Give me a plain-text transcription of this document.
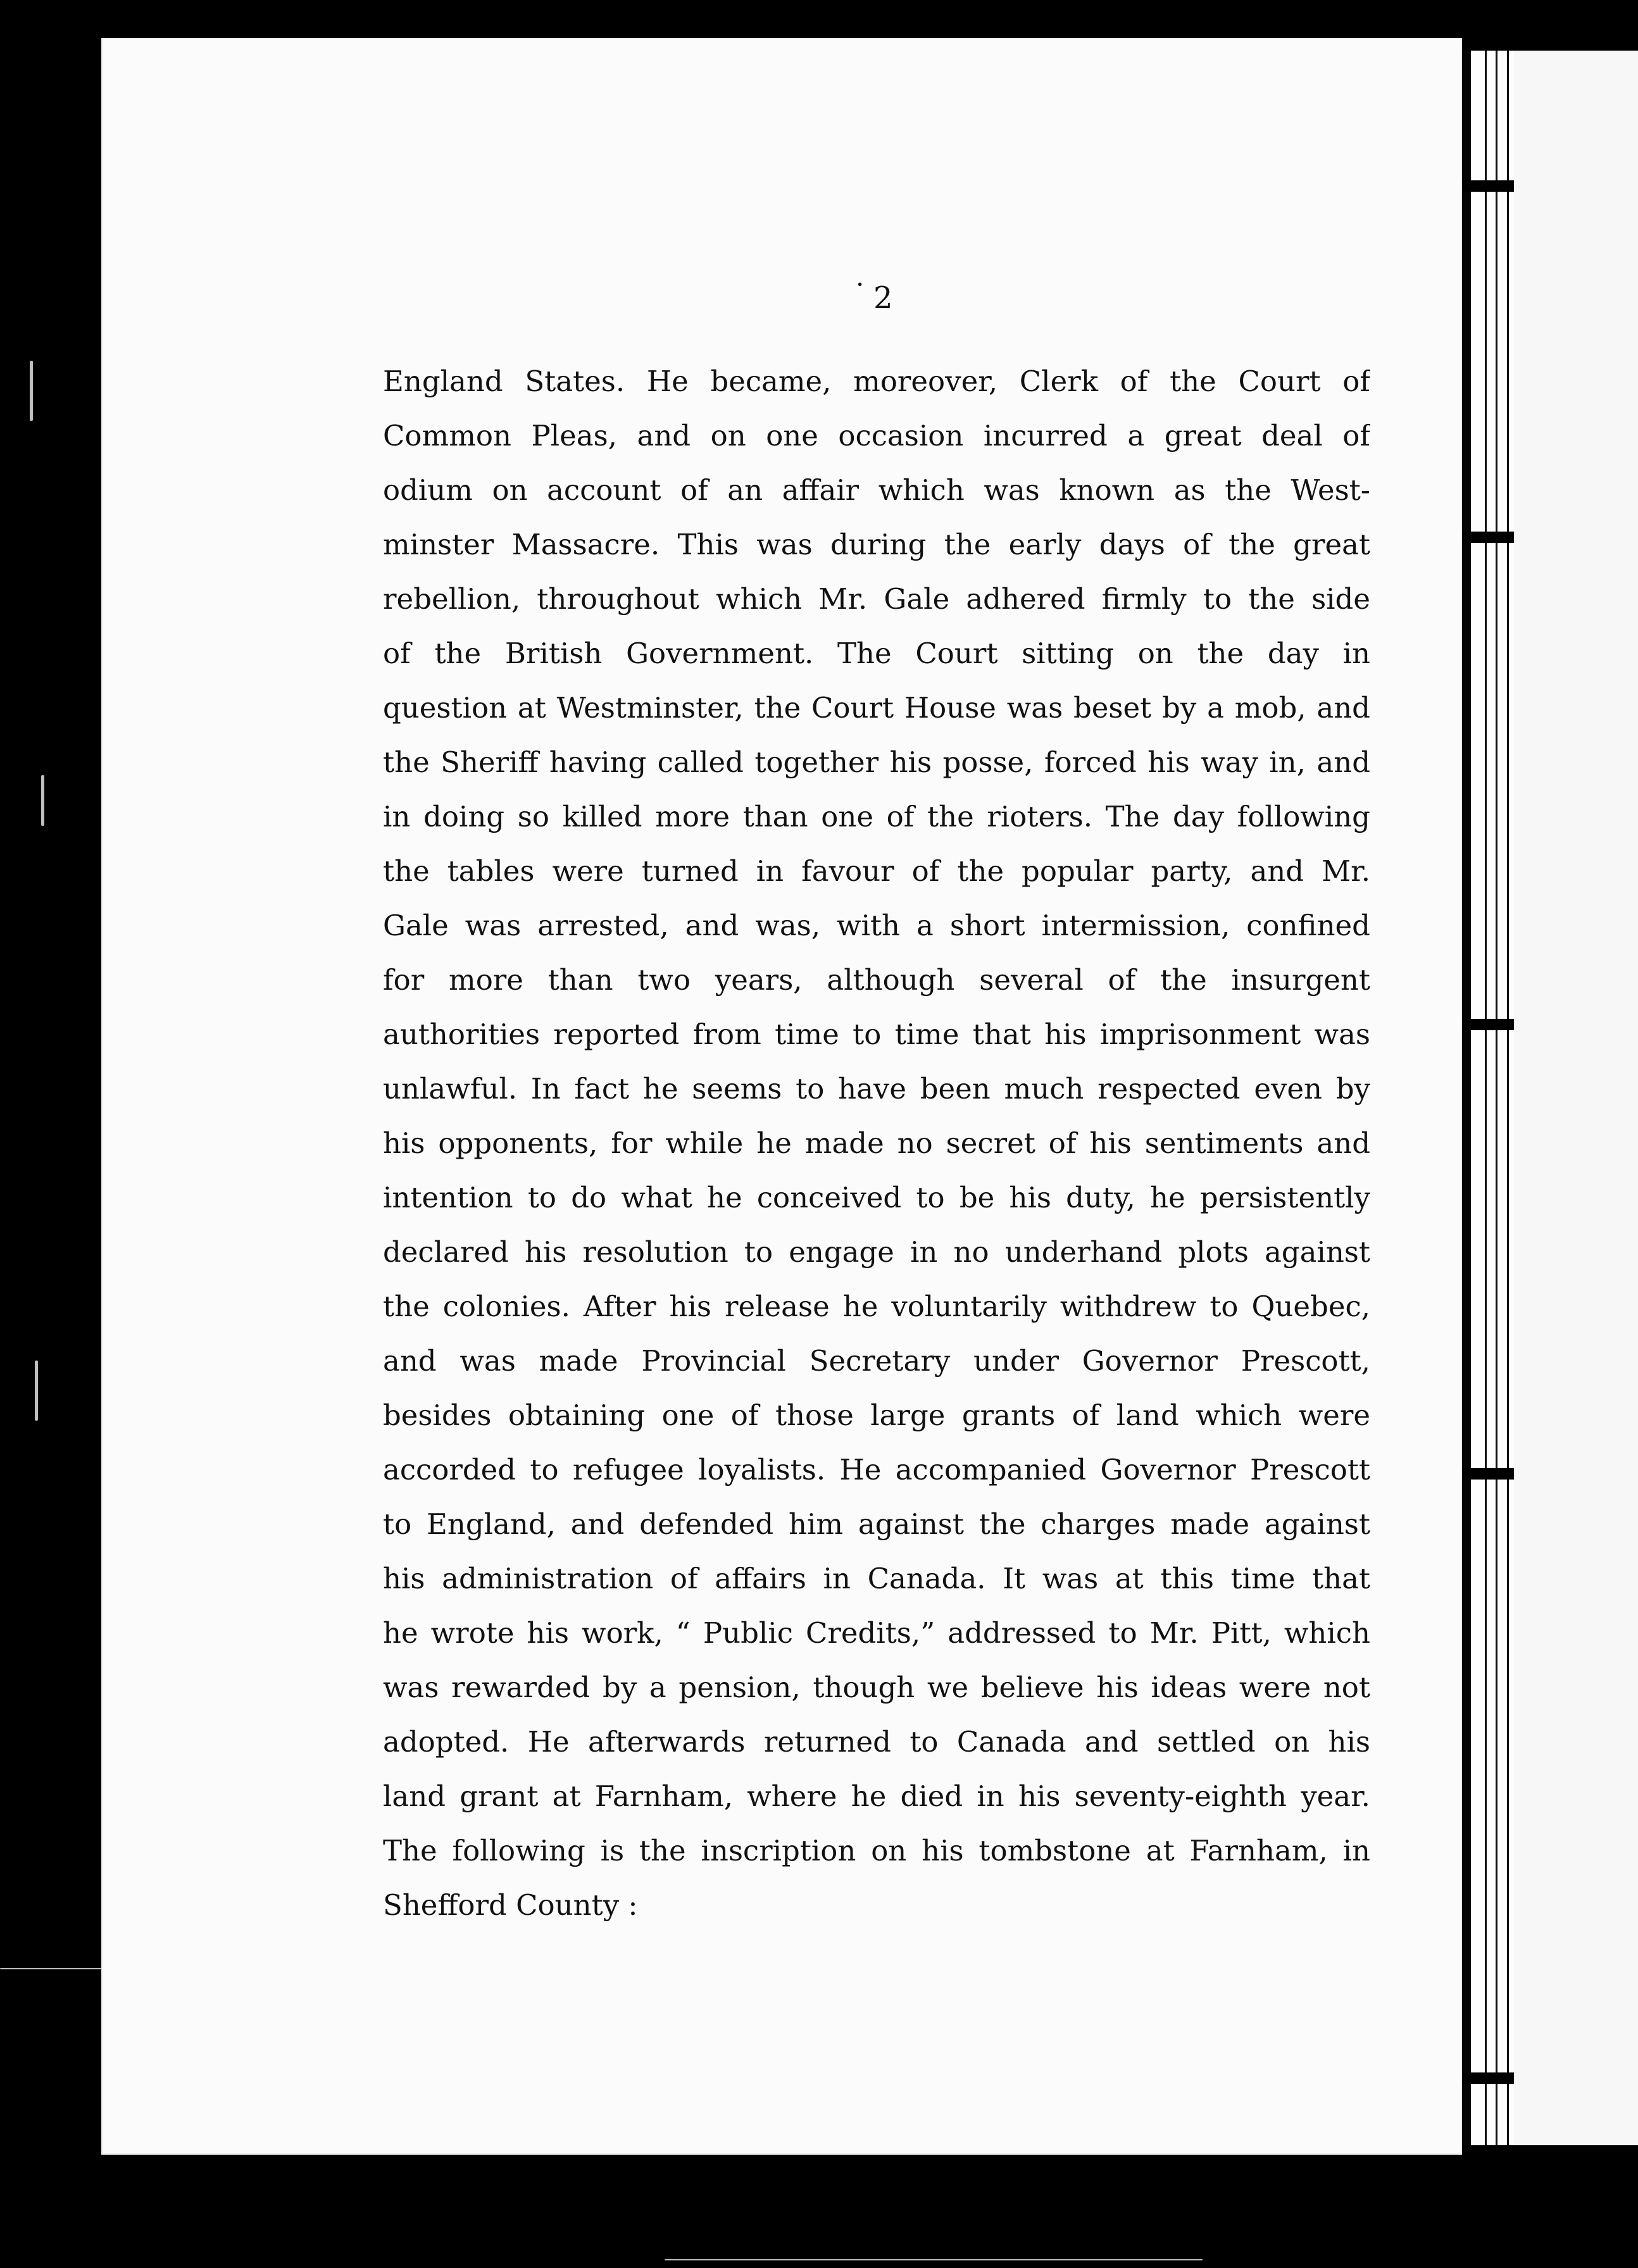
· 2
England States. He became, moreover, Clerk of the Court of
Common Pleas, and on one occasion incurred a great deal of
odium on account of an affair which was known as the West-
minster Massacre. This was during the early days of the great
rebellion, throughout which Mr. Gale adhered firmly to the side
of the British Government. The Court sitting on the day in
question at Westminster, the Court House was beset by a mob, and
the Sheriff having called together his posse, forced his way in, and
in doing so killed more than one of the rioters. The day following
the tables were turned in favour of the popular party, and Mr.
Gale was arrested, and was, with a short intermission, confined
for more than two years, although several of the insurgent
authorities reported from time to time that his imprisonment was
unlawful. In fact he seems to have been much respected even by
his opponents, for while he made no secret of his sentiments and
intention to do what he conceived to be his duty, he persistently
declared his resolution to engage in no underhand plots against
the colonies. After his release he voluntarily withdrew to Quebec,
and was made Provincial Secretary under Governor Prescott,
besides obtaining one of those large grants of land which were
accorded to refugee loyalists. He accompanied Governor Prescott
to England, and defended him against the charges made against
his administration of affairs in Canada. It was at this time that
he wrote his work, “ Public Credits,” addressed to Mr. Pitt, which
was rewarded by a pension, though we believe his ideas were not
adopted. He afterwards returned to Canada and settled on his
land grant at Farnham, where he died in his seventy-eighth year.
The following is the inscription on his tombstone at Farnham, in
Shefford County :
